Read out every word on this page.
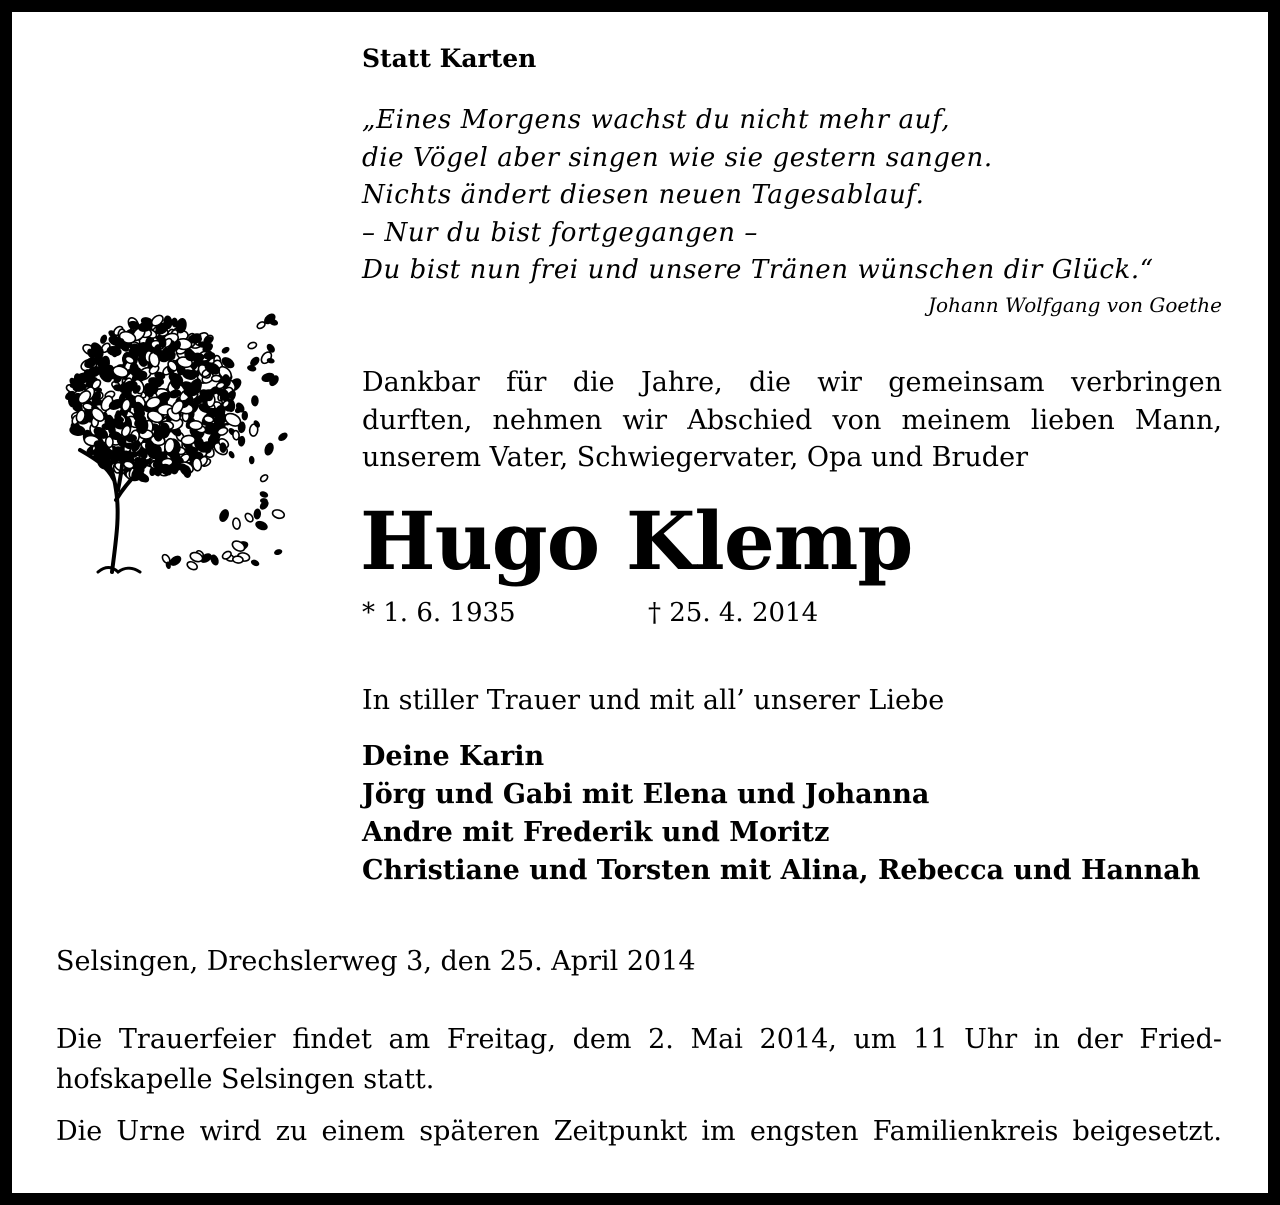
Statt Karten
„Eines Morgens wachst du nicht mehr auf,
die Vögel aber singen wie sie gestern sangen.
Nichts ändert diesen neuen Tagesablauf.
– Nur du bist fortgegangen –
Du bist nun frei und unsere Tränen wünschen dir Glück.“
Johann Wolfgang von Goethe
Dankbar für die Jahre, die wir gemeinsam verbringen
durften, nehmen wir Abschied von meinem lieben Mann,
unserem Vater, Schwiegervater, Opa und Bruder
Hugo Klemp
* 1. 6. 1935	† 25. 4. 2014
In stiller Trauer und mit all’ unserer Liebe
Deine Karin
Jörg und Gabi mit Elena und Johanna
Andre mit Frederik und Moritz
Christiane und Torsten mit Alina, Rebecca und Hannah
Selsingen, Drechslerweg 3, den 25. April 2014
Die Trauerfeier findet am Freitag, dem 2. Mai 2014, um 11 Uhr in der Fried-
hofskapelle Selsingen statt.
Die Urne wird zu einem späteren Zeitpunkt im engsten Familienkreis beigesetzt.
